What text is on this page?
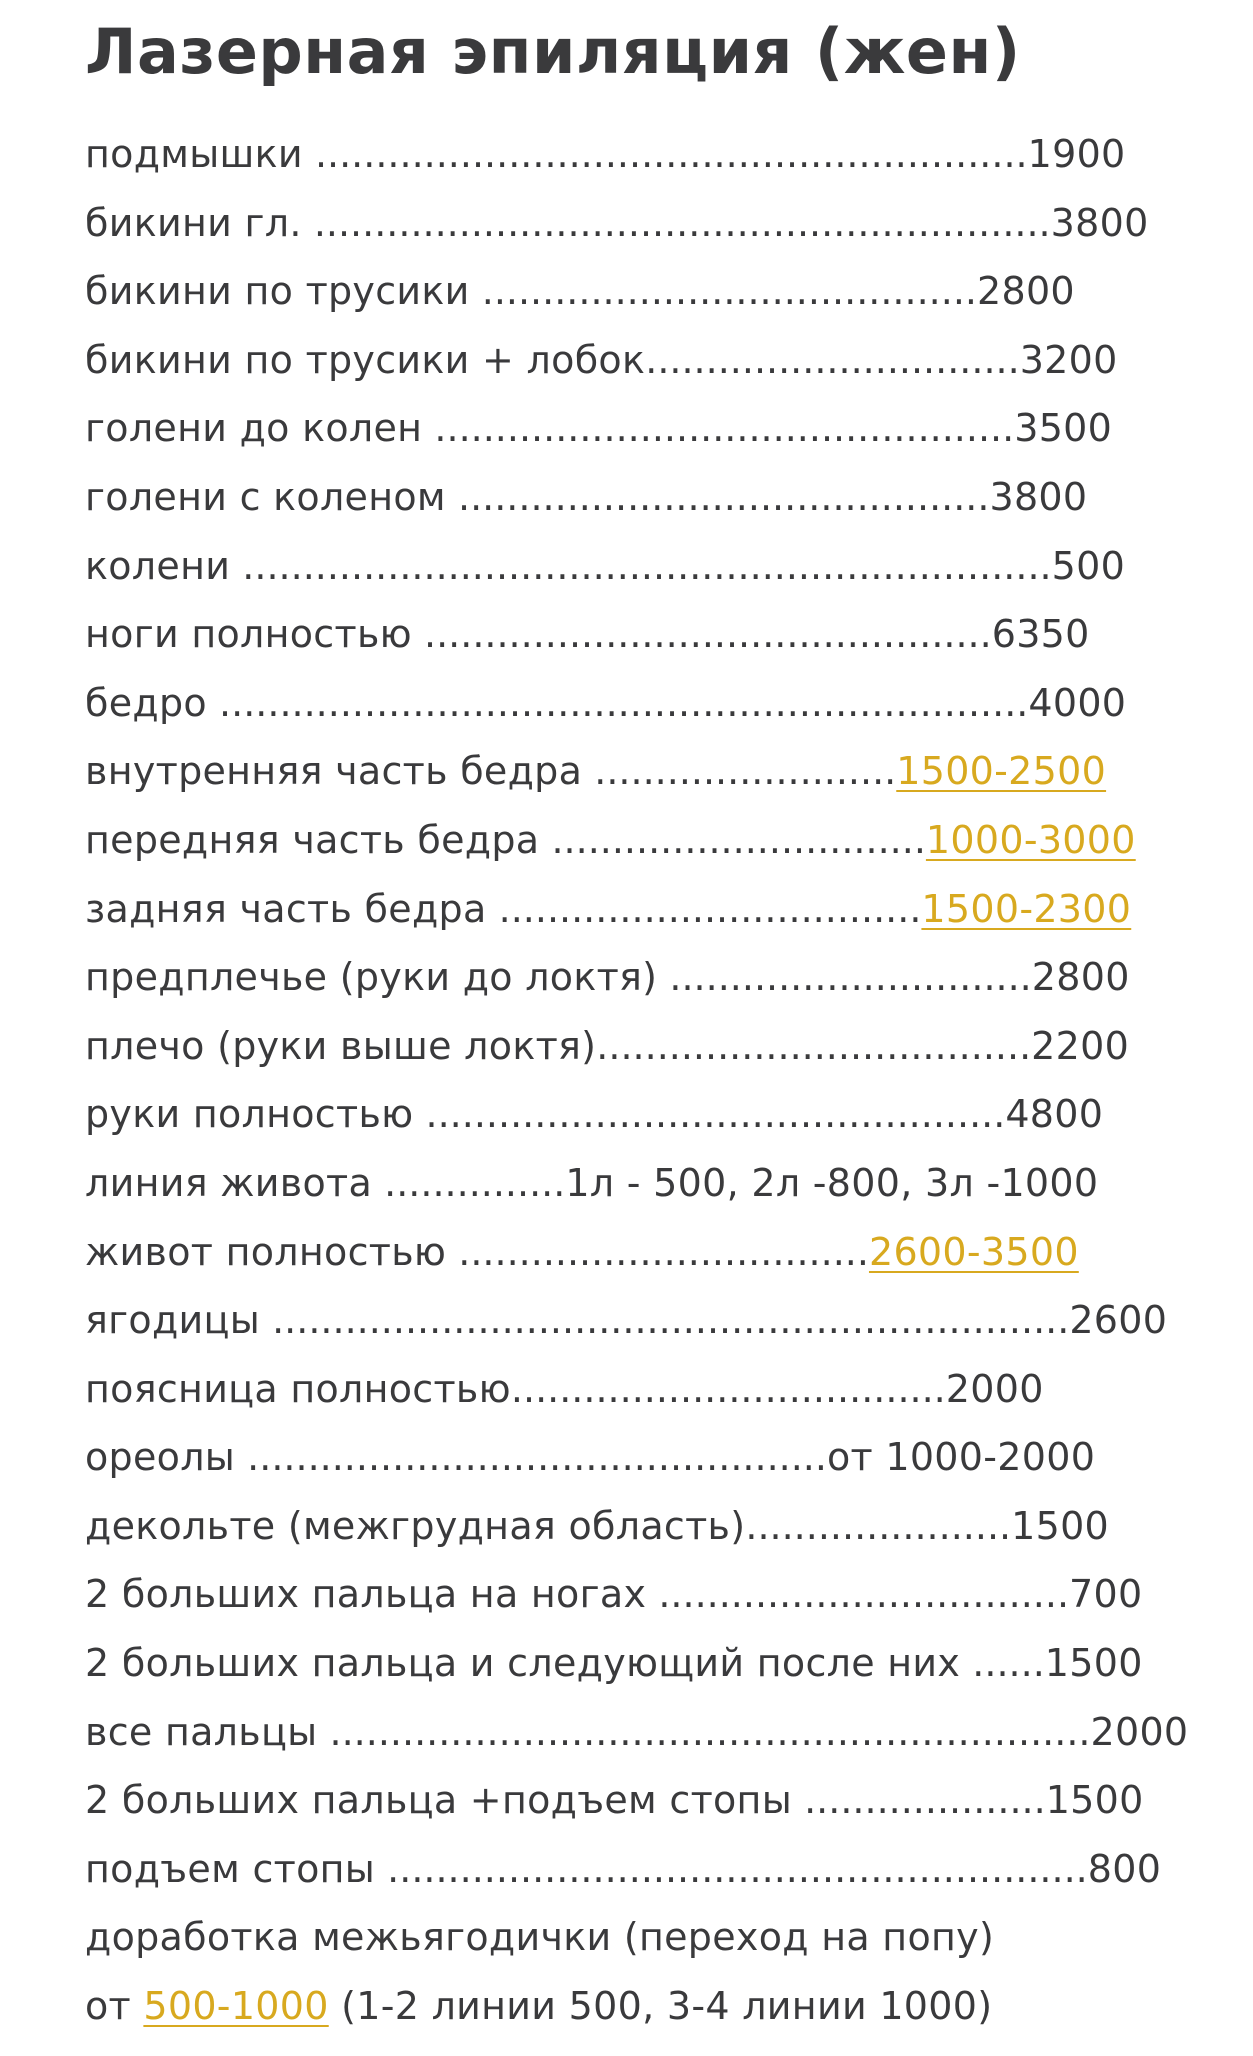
Лазерная эпиляция (жен)
подмышки ...........................................................1900
бикини гл. .............................................................3800
бикини по трусики .........................................2800
бикини по трусики + лобок...............................3200
голени до колен ................................................3500
голени с коленом ............................................3800
колени ...................................................................500
ноги полностью ...............................................6350
бедро ...................................................................4000
внутренняя часть бедра .........................1500-2500
передняя часть бедра ...............................1000-3000
задняя часть бедра ...................................1500-2300
предплечье (руки до локтя) ..............................2800
плечо (руки выше локтя)....................................2200
руки полностью ................................................4800
линия живота ...............1л - 500, 2л -800, 3л -1000
живот полностью ..................................2600-3500
ягодицы ..................................................................2600
поясница полностью....................................2000
ореолы ................................................от 1000-2000
декольте (межгрудная область)......................1500
2 больших пальца на ногах ..................................700
2 больших пальца и следующий после них ......1500
все пальцы ...............................................................2000
2 больших пальца +подъем стопы ....................1500
подъем стопы ..........................................................800
доработка межьягодички (переход на попу)
от 500-1000 (1-2 линии 500, 3-4 линии 1000)
